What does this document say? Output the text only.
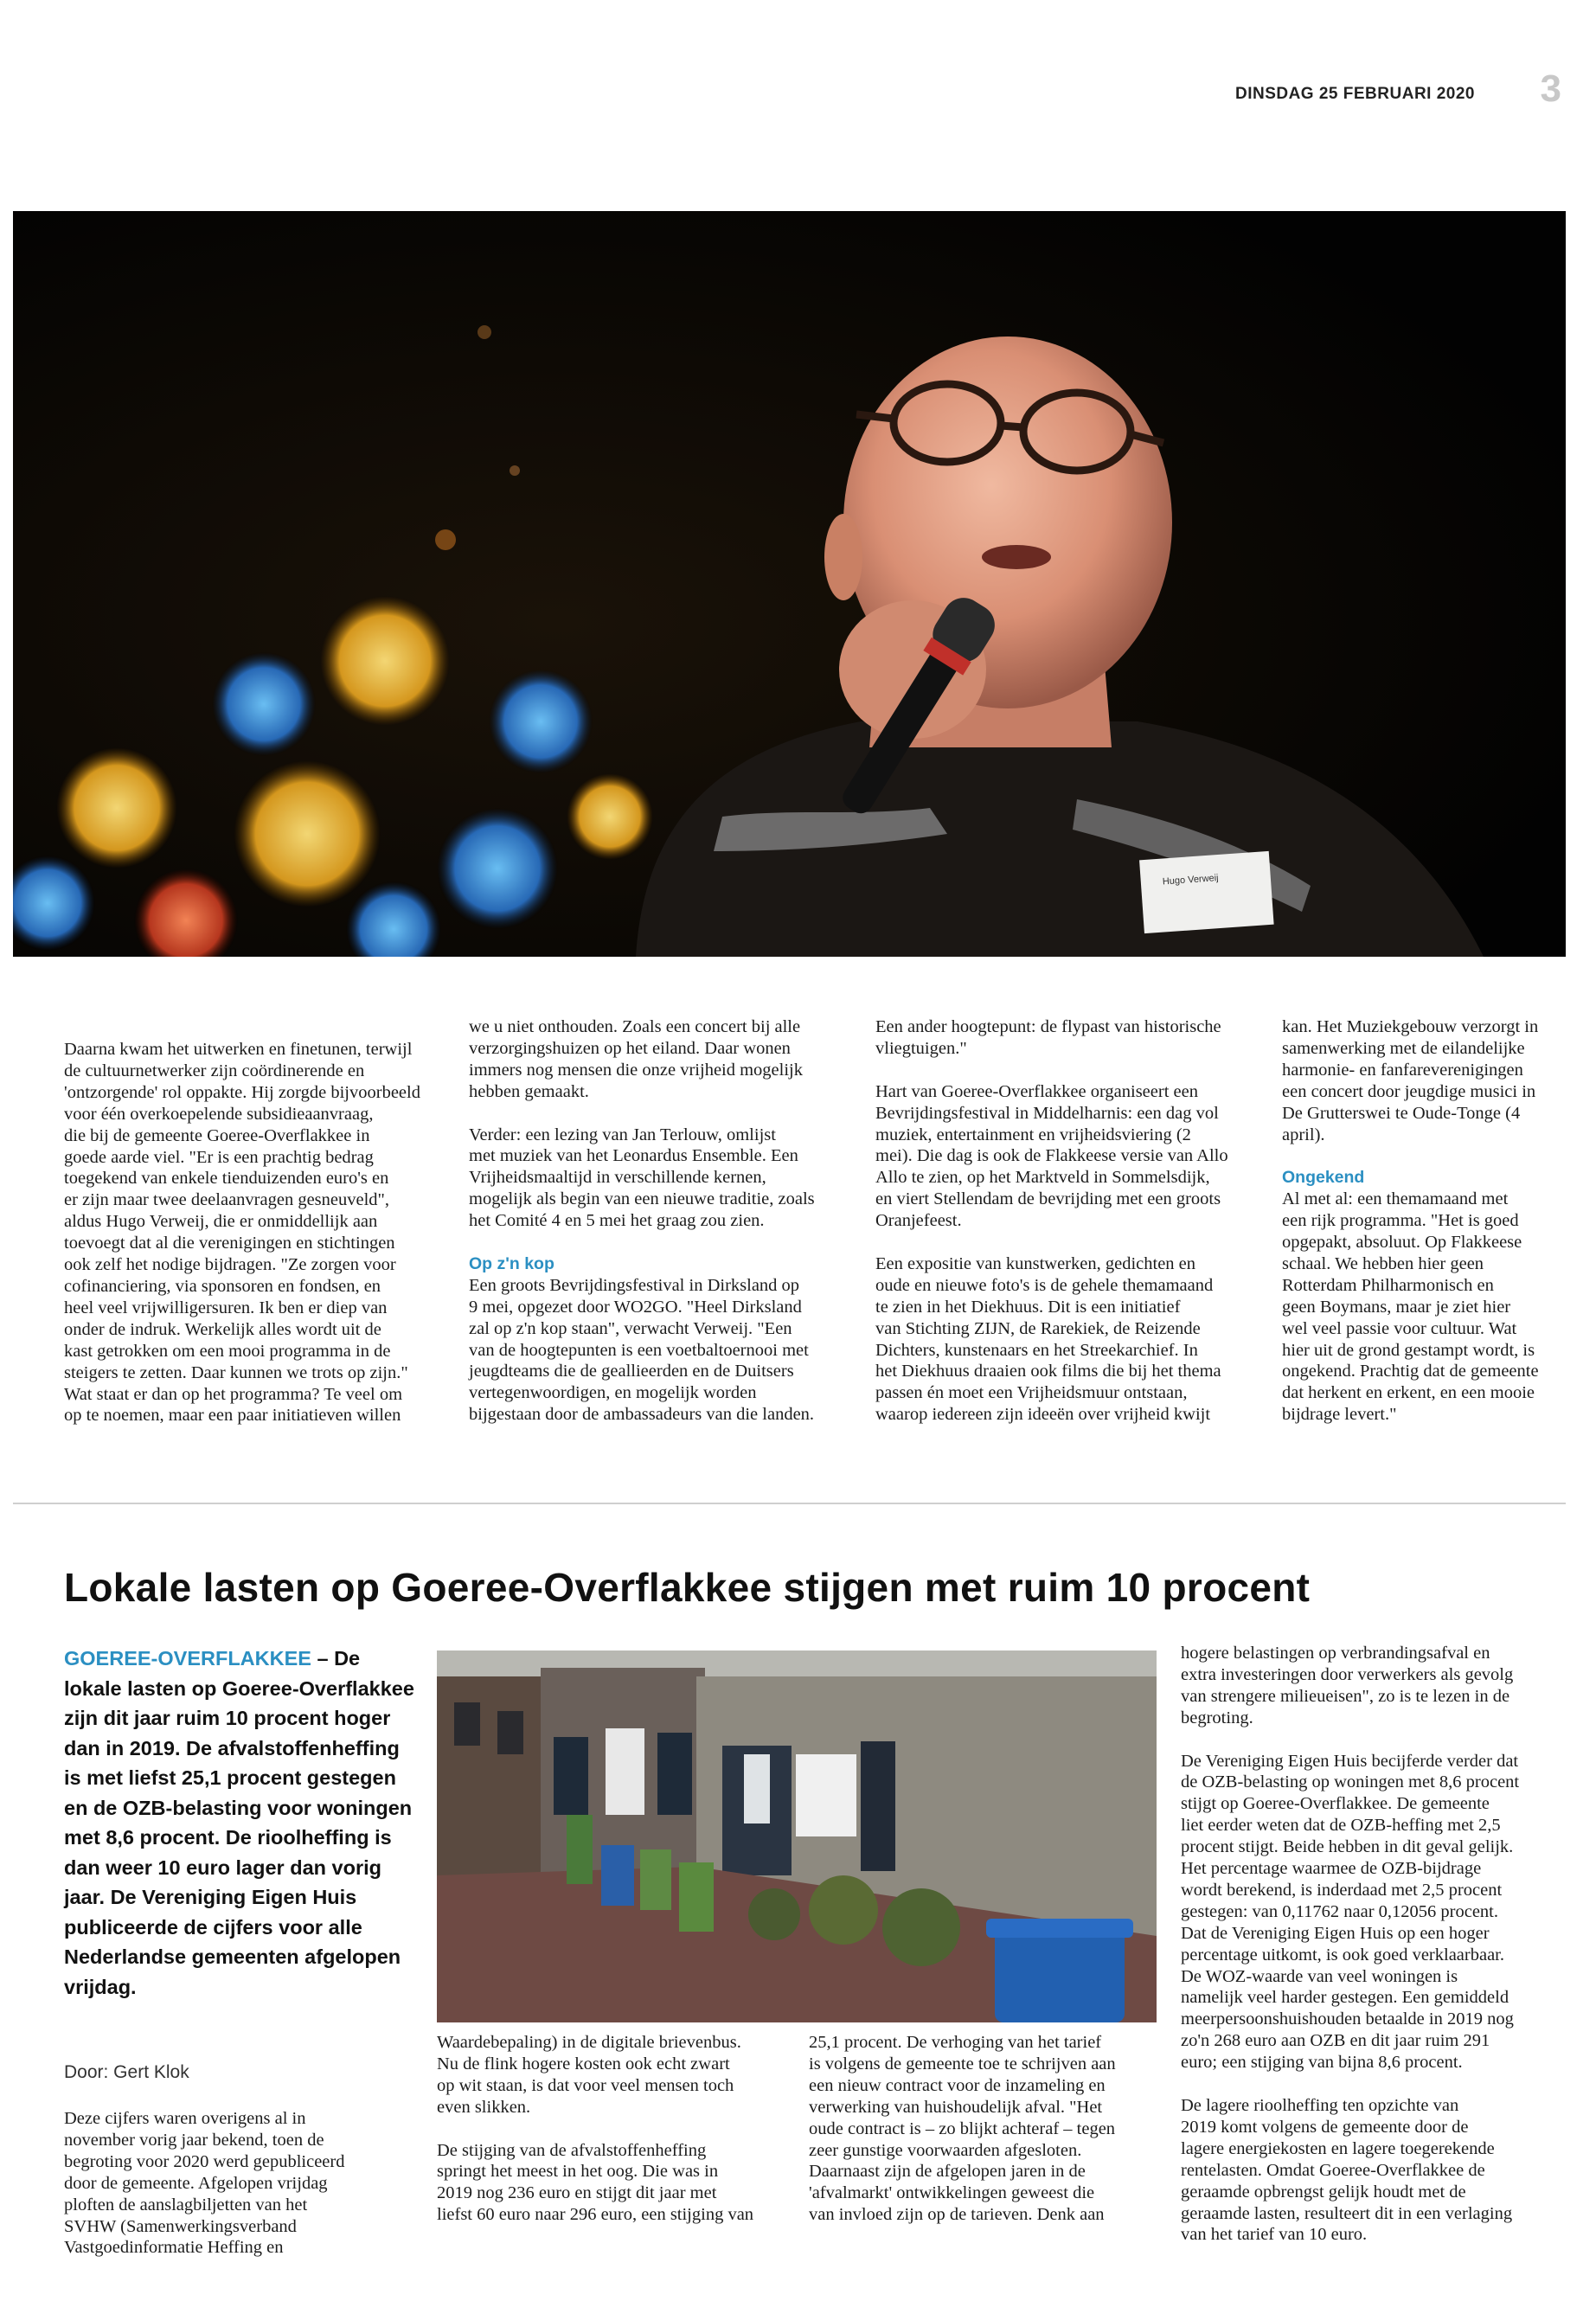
DINSDAG 25 FEBRUARI 2020 3
Hugo Verweij

Daarna kwam het uitwerken en finetunen, terwijl
de cultuurnetwerker zijn coördinerende en
'ontzorgende' rol oppakte. Hij zorgde bijvoorbeeld
voor één overkoepelende subsidieaanvraag,
die bij de gemeente Goeree-Overflakkee in
goede aarde viel. "Er is een prachtig bedrag
toegekend van enkele tienduizenden euro's en
er zijn maar twee deelaanvragen gesneuveld",
aldus Hugo Verweij, die er onmiddellijk aan
toevoegt dat al die verenigingen en stichtingen
ook zelf het nodige bijdragen. "Ze zorgen voor
cofinanciering, via sponsoren en fondsen, en
heel veel vrijwilligersuren. Ik ben er diep van
onder de indruk. Werkelijk alles wordt uit de
kast getrokken om een mooi programma in de
steigers te zetten. Daar kunnen we trots op zijn."
Wat staat er dan op het programma? Te veel om
op te noemen, maar een paar initiatieven willen

we u niet onthouden. Zoals een concert bij alle
verzorgingshuizen op het eiland. Daar wonen
immers nog mensen die onze vrijheid mogelijk
hebben gemaakt.

Verder: een lezing van Jan Terlouw, omlijst
met muziek van het Leonardus Ensemble. Een
Vrijheidsmaaltijd in verschillende kernen,
mogelijk als begin van een nieuwe traditie, zoals
het Comité 4 en 5 mei het graag zou zien.

Op z'n kop

Een groots Bevrijdingsfestival in Dirksland op
9 mei, opgezet door WO2GO. "Heel Dirksland
zal op z'n kop staan", verwacht Verweij. "Een
van de hoogtepunten is een voetbaltoernooi met
jeugdteams die de geallieerden en de Duitsers
vertegenwoordigen, en mogelijk worden
bijgestaan door de ambassadeurs van die landen.

Een ander hoogtepunt: de flypast van historische
vliegtuigen."

Hart van Goeree-Overflakkee organiseert een
Bevrijdingsfestival in Middelharnis: een dag vol
muziek, entertainment en vrijheidsviering (2
mei). Die dag is ook de Flakkeese versie van Allo
Allo te zien, op het Marktveld in Sommelsdijk,
en viert Stellendam de bevrijding met een groots
Oranjefeest.

Een expositie van kunstwerken, gedichten en
oude en nieuwe foto's is de gehele themamaand
te zien in het Diekhuus. Dit is een initiatief
van Stichting ZIJN, de Rarekiek, de Reizende
Dichters, kunstenaars en het Streekarchief. In
het Diekhuus draaien ook films die bij het thema
passen én moet een Vrijheidsmuur ontstaan,
waarop iedereen zijn ideeën over vrijheid kwijt

kan. Het Muziekgebouw verzorgt in
samenwerking met de eilandelijke
harmonie- en fanfareverenigingen
een concert door jeugdige musici in
De Grutterswei te Oude-Tonge (4
april).

Ongekend

Al met al: een themamaand met
een rijk programma. "Het is goed
opgepakt, absoluut. Op Flakkeese
schaal. We hebben hier geen
Rotterdam Philharmonisch en
geen Boymans, maar je ziet hier
wel veel passie voor cultuur. Wat
hier uit de grond gestampt wordt, is
ongekend. Prachtig dat de gemeente
dat herkent en erkent, en een mooie
bijdrage levert."

Lokale lasten op Goeree-Overflakkee stijgen met ruim 10 procent
GOEREE-OVERFLAKKEE – De lokale lasten op Goeree-Overflakkee zijn dit jaar ruim 10 procent hoger dan in 2019. De afvalstoffenheffing is met liefst 25,1 procent gestegen en de OZB-belasting voor woningen met 8,6 procent. De rioolheffing is dan weer 10 euro lager dan vorig jaar. De Vereniging Eigen Huis publiceerde de cijfers voor alle Nederlandse gemeenten afgelopen vrijdag.
Door: Gert Klok

Deze cijfers waren overigens al in
november vorig jaar bekend, toen de
begroting voor 2020 werd gepubliceerd
door de gemeente. Afgelopen vrijdag
ploften de aanslagbiljetten van het
SVHW (Samenwerkingsverband
Vastgoedinformatie Heffing en

Waardebepaling) in de digitale brievenbus.
Nu de flink hogere kosten ook echt zwart
op wit staan, is dat voor veel mensen toch
even slikken.

De stijging van de afvalstoffenheffing
springt het meest in het oog. Die was in
2019 nog 236 euro en stijgt dit jaar met
liefst 60 euro naar 296 euro, een stijging van

25,1 procent. De verhoging van het tarief
is volgens de gemeente toe te schrijven aan
een nieuw contract voor de inzameling en
verwerking van huishoudelijk afval. "Het
oude contract is – zo blijkt achteraf – tegen
zeer gunstige voorwaarden afgesloten.
Daarnaast zijn de afgelopen jaren in de
'afvalmarkt' ontwikkelingen geweest die
van invloed zijn op de tarieven. Denk aan

hogere belastingen op verbrandingsafval en
extra investeringen door verwerkers als gevolg
van strengere milieueisen", zo is te lezen in de
begroting.

De Vereniging Eigen Huis becijferde verder dat
de OZB-belasting op woningen met 8,6 procent
stijgt op Goeree-Overflakkee. De gemeente
liet eerder weten dat de OZB-heffing met 2,5
procent stijgt. Beide hebben in dit geval gelijk.
Het percentage waarmee de OZB-bijdrage
wordt berekend, is inderdaad met 2,5 procent
gestegen: van 0,11762 naar 0,12056 procent.
Dat de Vereniging Eigen Huis op een hoger
percentage uitkomt, is ook goed verklaarbaar.
De WOZ-waarde van veel woningen is
namelijk veel harder gestegen. Een gemiddeld
meerpersoonshuishouden betaalde in 2019 nog
zo'n 268 euro aan OZB en dit jaar ruim 291
euro; een stijging van bijna 8,6 procent.

De lagere rioolheffing ten opzichte van
2019 komt volgens de gemeente door de
lagere energiekosten en lagere toegerekende
rentelasten. Omdat Goeree-Overflakkee de
geraamde opbrengst gelijk houdt met de
geraamde lasten, resulteert dit in een verlaging
van het tarief van 10 euro.
